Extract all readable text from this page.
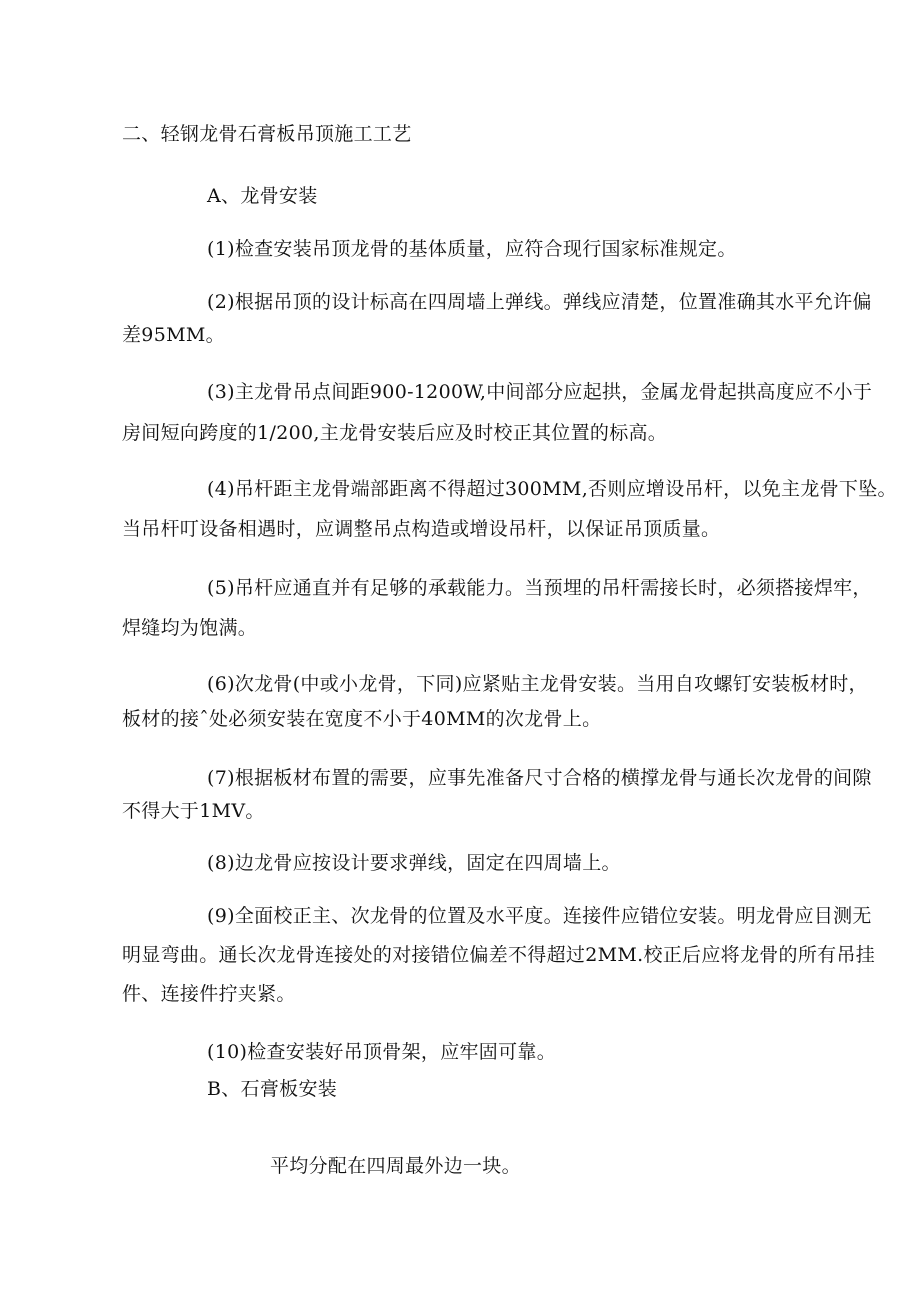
二、轻钢龙骨石膏板吊顶施工工艺
A、龙骨安装
(1)检查安装吊顶龙骨的基体质量，应符合现行国家标准规定。
(2)根据吊顶的设计标高在四周墙上弹线。弹线应清楚，位置准确其水平允许偏
差95MM。
(3)主龙骨吊点间距900-1200W,中间部分应起拱，金属龙骨起拱高度应不小于
房间短向跨度的1/200,主龙骨安装后应及时校正其位置的标高。
(4)吊杆距主龙骨端部距离不得超过300MM,否则应增设吊杆，以免主龙骨下坠。
当吊杆叮设备相遇时，应调整吊点构造或增设吊杆，以保证吊顶质量。
(5)吊杆应通直并有足够的承载能力。当预埋的吊杆需接长时，必须搭接焊牢，
焊缝均为饱满。
(6)次龙骨(中或小龙骨，下同)应紧贴主龙骨安装。当用自攻螺钉安装板材时，
板材的接ˆ处必须安装在宽度不小于40MM的次龙骨上。
(7)根据板材布置的需要，应事先准备尺寸合格的横撑龙骨与通长次龙骨的间隙
不得大于1MV。
(8)边龙骨应按设计要求弹线，固定在四周墙上。
(9)全面校正主、次龙骨的位置及水平度。连接件应错位安装。明龙骨应目测无
明显弯曲。通长次龙骨连接处的对接错位偏差不得超过2MM.校正后应将龙骨的所有吊挂
件、连接件拧夹紧。
(10)检查安装好吊顶骨架，应牢固可靠。
B、石膏板安装
平均分配在四周最外边一块。
